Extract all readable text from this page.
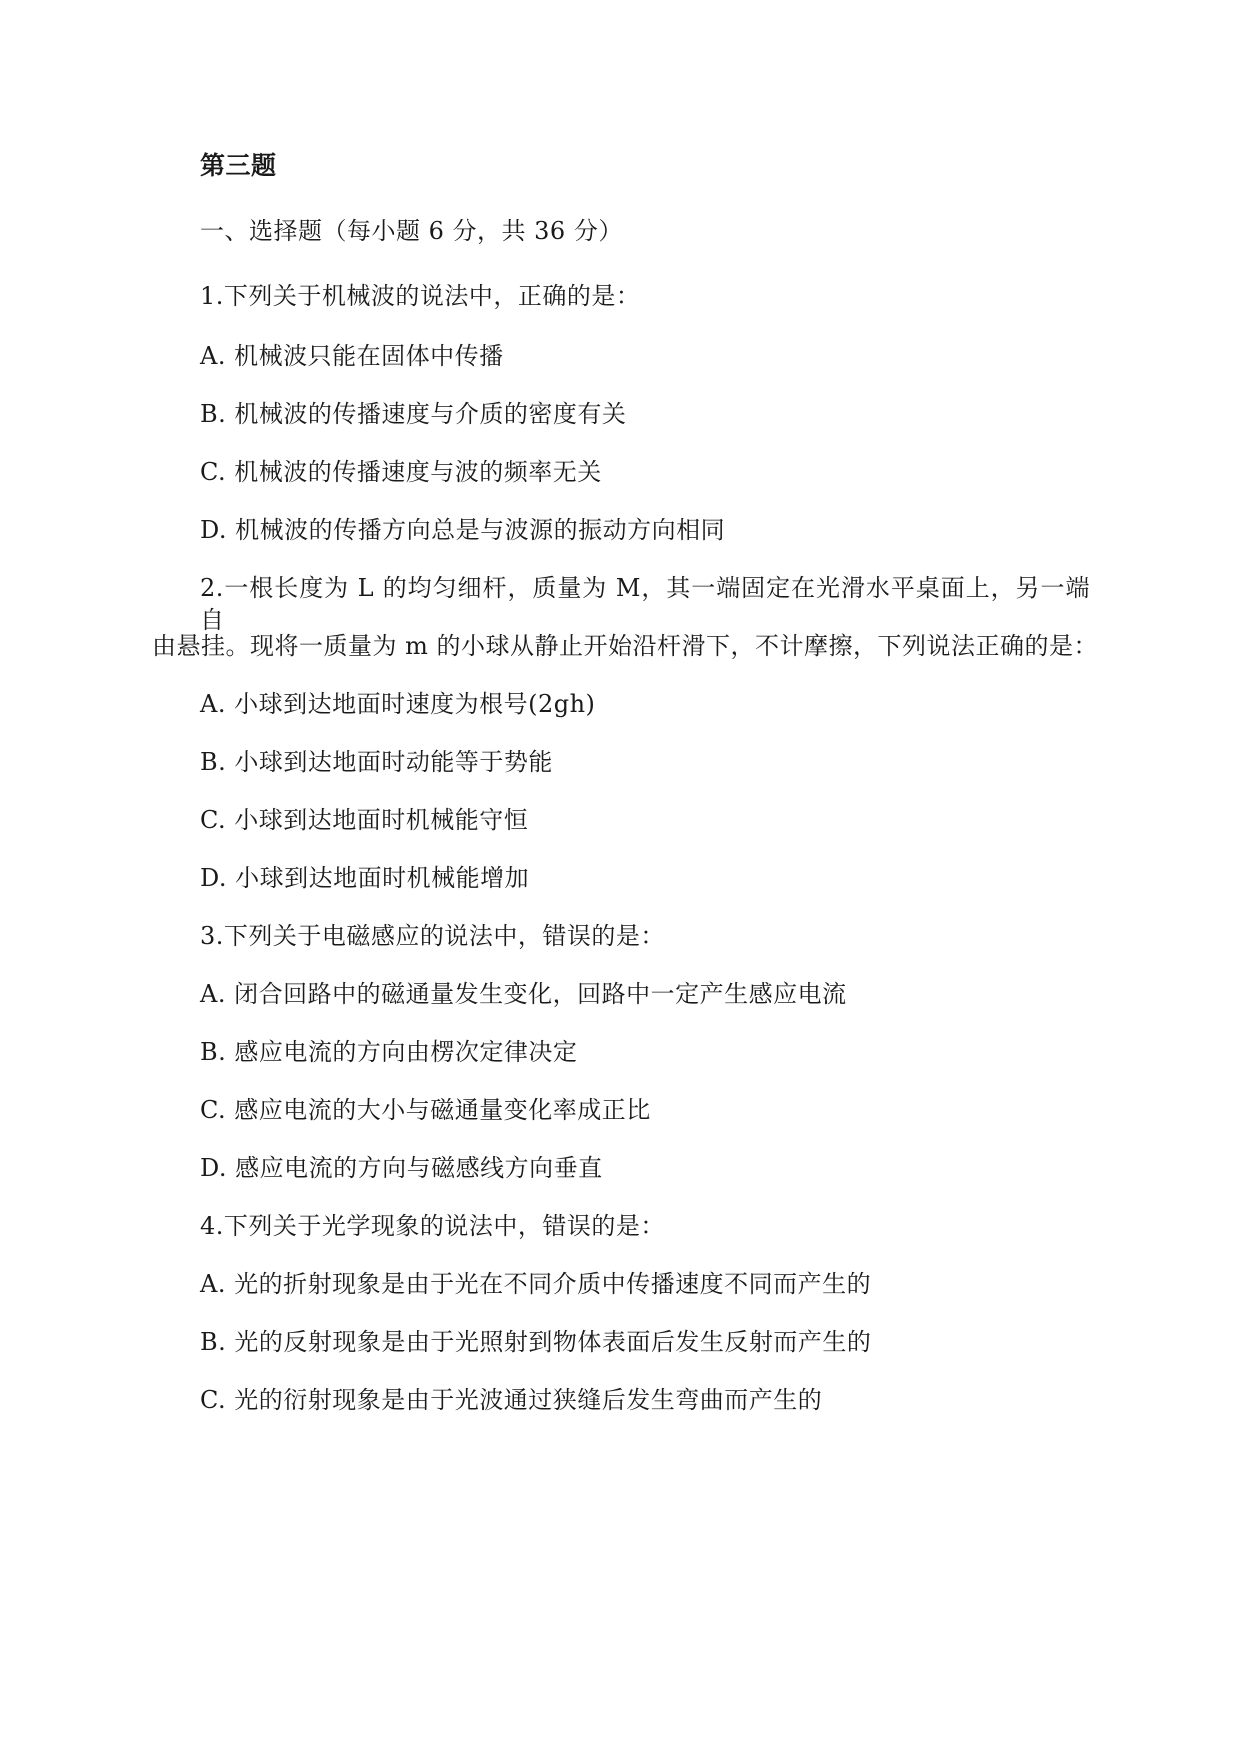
第三题
一、选择题（每小题 6 分，共 36 分）
1.下列关于机械波的说法中，正确的是：
A. 机械波只能在固体中传播
B. 机械波的传播速度与介质的密度有关
C. 机械波的传播速度与波的频率无关
D. 机械波的传播方向总是与波源的振动方向相同
2.一根长度为 L 的均匀细杆，质量为 M，其一端固定在光滑水平桌面上，另一端自
由悬挂。现将一质量为 m 的小球从静止开始沿杆滑下，不计摩擦，下列说法正确的是：
A. 小球到达地面时速度为根号(2gh)
B. 小球到达地面时动能等于势能
C. 小球到达地面时机械能守恒
D. 小球到达地面时机械能增加
3.下列关于电磁感应的说法中，错误的是：
A. 闭合回路中的磁通量发生变化，回路中一定产生感应电流
B. 感应电流的方向由楞次定律决定
C. 感应电流的大小与磁通量变化率成正比
D. 感应电流的方向与磁感线方向垂直
4.下列关于光学现象的说法中，错误的是：
A. 光的折射现象是由于光在不同介质中传播速度不同而产生的
B. 光的反射现象是由于光照射到物体表面后发生反射而产生的
C. 光的衍射现象是由于光波通过狭缝后发生弯曲而产生的
